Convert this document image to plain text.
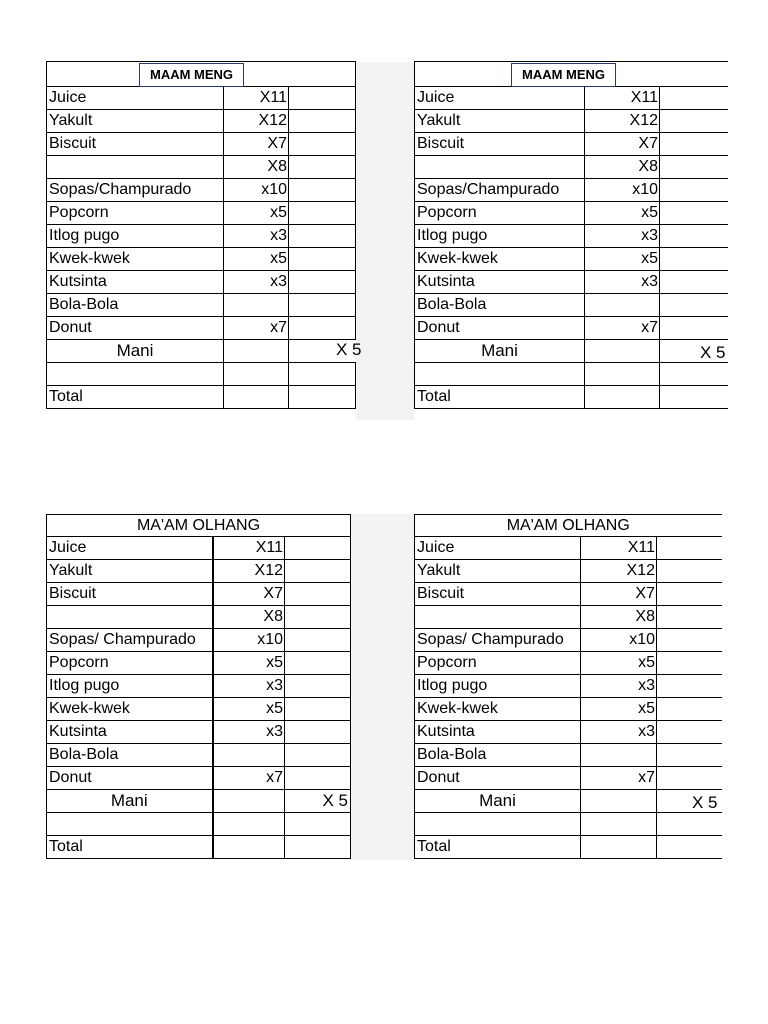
MAAM MENG		
Juice	X11	
Yakult	X12	
Biscuit	X7	
	X8	
Sopas/Champurado	x10	
Popcorn	x5	
Itlog pugo	x3	
Kwek-kwek	x5	
Kutsinta	x3	
Bola-Bola		
Donut	x7	
Mani		X 5

Total		
MAAM MENG		
Juice	X11	
Yakult	X12	
Biscuit	X7	
	X8	
Sopas/Champurado	x10	
Popcorn	x5	
Itlog pugo	x3	
Kwek-kwek	x5	
Kutsinta	x3	
Bola-Bola		
Donut	x7	
Mani		X 5

Total		
MA'AM OLHANG		
Juice	X11	
Yakult	X12	
Biscuit	X7	
	X8	
Sopas/ Champurado	x10	
Popcorn	x5	
Itlog pugo	x3	
Kwek-kwek	x5	
Kutsinta	x3	
Bola-Bola		
Donut	x7	
Mani		X 5

Total		
MA'AM OLHANG		
Juice	X11	
Yakult	X12	
Biscuit	X7	
	X8	
Sopas/ Champurado	x10	
Popcorn	x5	
Itlog pugo	x3	
Kwek-kwek	x5	
Kutsinta	x3	
Bola-Bola		
Donut	x7	
Mani		X 5

Total		
